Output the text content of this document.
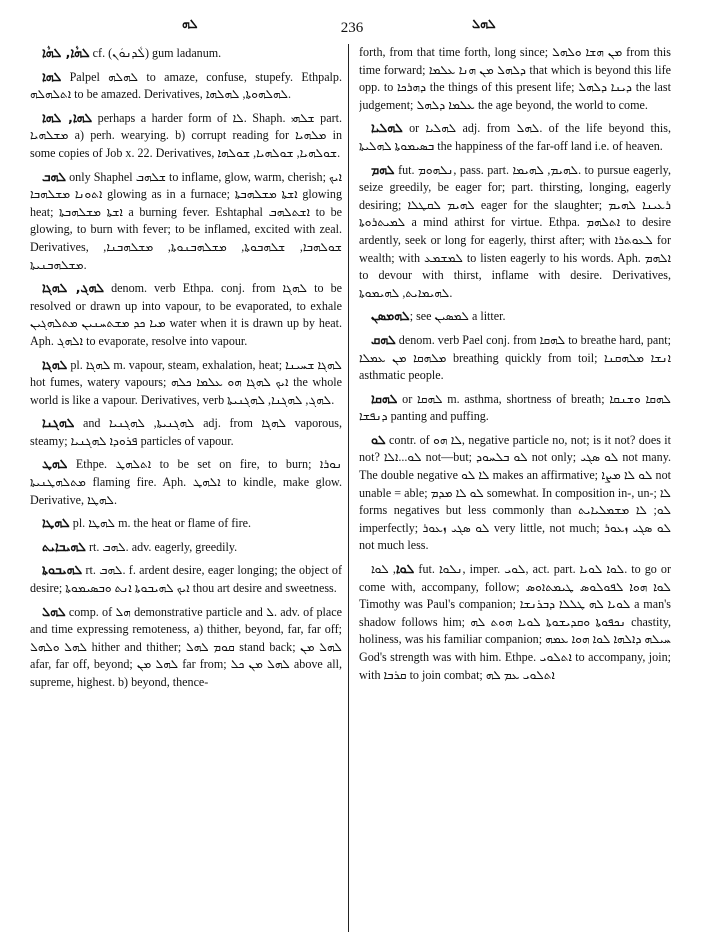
ܠܗ	236	ܠܗܠ

ܠܗܵܐ, ܠܗܵܐ cf. (ܠܵܕܢܘܿܢ) gum ladanum.

ܠܗܐ Palpel ܠܗܠܗ to amaze, confuse, stupefy. Ethpalp. ܐܬܠܗܠܗ to be amazed. Derivatives, ܠܗܠܗܘܬܐ, ܠܗܠܗܐ.

ܠܗܐ, ܠܗܐ perhaps a harder form of ܠܐ. Shaph. ܫܠܗܝ part. ܡܫܠܗܝܐ a) perh. wearying. b) corrupt reading for ܡܠܗܝܐ in some copies of Job x. 22. Derivatives, ܫܘܠܗܝܐ, ܫܘܠܗܝܐ, ܫܘܠܗܐ.

ܠܗܒ only Shaphel ܫܠܗܒ to inflame, glow, warm, cherish; ܐܝܟ ܐܬܘܢܐ ܡܫܠܗܒܐ glowing as in a furnace; ܐܫܬܐ ܡܫܠܗܒܬܐ glowing heat; ܐܫܬܐ ܡܫܠܗܒܬܐ a burning fever. Eshtaphal ܐܫܬܠܗܒ to be glowing, to burn with fever; to be inflamed, excited with zeal. Derivatives, ܫܘܠܗܒܐ, ܫܠܗܒܘܬܐ, ܡܫܠܗܒܢܘܬܐ, ܡܫܠܗܒܢܐ, ܡܫܠܗܒܢܝܬܐ.

ܠܗܓ, ܠܗܓܐ denom. verb Ethpa. conj. from ܠܗܓܐ to be resolved or drawn up into vapour, to be evaporated, to exhale ܡܝܐ ܟܕ ܡܫܬܚܢܝܢ ܡܬܠܗܓܝܢ water when it is drawn up by heat. Aph. ܐܠܗܓ to evaporate, resolve into vapour.

ܠܗܓܐ pl. ܠܗܓܐ m. vapour, steam, exhalation, heat; ܠܗܓܐ ܫܚܝܢܐ hot fumes, watery vapours; ܐܝܟ ܠܗܓܐ ܗܘ ܥܠܡܐ ܟܠܗ the whole world is like a vapour. Derivatives, verb ܠܗܓ, ܠܗܓܢܐ, ܠܗܓܢܝܬܐ.

ܠܗܓܢܐ and ܠܗܓܢܝܬܐ, ܠܗܓܢܝܐ adj. from ܠܗܓܐ vaporous, steamy; ܦܪܘܕܐ ܠܗܓܢܝܐ particles of vapour.

ܠܗܛ Ethpe. ܐܬܠܗܛ to be set on fire, to burn; ܢܘܪܐ ܡܬܠܗܛܢܝܬܐ flaming fire. Aph. ܐܠܗܛ to kindle, make glow. Derivative, ܠܗܛܐ.

ܠܗܛܐ pl. ܠܗܛܐ m. the heat or flame of fire.

ܠܗܝܒܐܝܬ rt. ܠܗܒ. adv. eagerly, greedily.

ܠܗܝܒܘܬܐ rt. ܠܗܒ. f. ardent desire, eager longing; the object of desire; ܐܝܟ ܠܗܝܒܘܬܐ ܐܢܬ ܘܒܣܝܡܘܬܐ thou art desire and sweetness.

ܠܗܠ comp. of ܗܠ demonstrative particle and ܠ. adv. of place and time expressing remoteness, a) thither, beyond, far, far off; ܠܗܠ ܘܠܗܠ hither and thither; ܩܘܡ ܠܗܠ stand back; ܠܗܠ ܡܢ afar, far off, beyond; ܠܗܠ ܡܢ far from; ܠܗܠ ܡܢ ܟܠ above all, supreme, highest. b) beyond, thence-

forth, from that time forth, long since; ܡܢ ܗܫܐ ܘܠܗܠ from this time forward; ܕܠܗܠ ܡܢ ܗܢܐ ܥܠܡܐ that which is beyond this life opp. to ܕܗܪܟܐ the things of this present life; ܕܝܢܐ ܕܠܗܠ the last judgement; ܥܠܡܐ ܕܠܗܠ the age beyond, the world to come.

ܠܗܠܝܐ or ܠܗܠܝܐ adj. from ܠܗܠ. of the life beyond this, ܒܣܝܡܘܬܐ ܠܗܠܝܬܐ the happiness of the far-off land i.e. of heaven.

ܠܗܡ fut. ܢܠܗܘܡ, pass. part. ܠܗܝܡ, ܠܗܝܡܐ. to pursue eagerly, seize greedily, be eager for; part. thirsting, longing, eagerly desiring; ܠܗܝܡ ܠܩܛܠܐ eager for the slaughter; ܪܥܝܢܐ ܠܗܝܡ ܠܡܝܬܪܘܬܐ a mind athirst for virtue. Ethpa. ܐܬܠܗܡ to desire ardently, seek or long for eagerly, thirst after; with ܠܥܘܬܪܐ for wealth; with ܠܡܫܡܥ to listen eagerly to his words. Aph. ܐܠܗܡ to devour with thirst, inflame with desire. Derivatives, ܠܗܝܡܐܝܬ, ܠܗܝܡܘܬܐ.

ܠܗܡܣܢ; see ܠܡܣܝܢ a litter.

ܠܗܩ denom. verb Pael conj. from ܠܗܩܐ to breathe hard, pant; ܡܠܗܩܐ ܡܢ ܥܡܠܐ breathing quickly from toil; ܐܢܫܐ ܡܠܗܩܢܐ asthmatic people.

ܠܗܩܐ or ܠܗܩܐ m. asthma, shortness of breath; ܠܗܩܐ ܘܫܢܩܐ ܕܢܦܫܐ panting and puffing.

ܠܘ contr. of ܠܐ ܗܘ, negative particle no, not; is it not? does it not? ܠܘ...ܐܠܐ not—but; ܠܘ ܒܠܚܘܕ not only; ܠܘ ܣܓܝ not many. The double negative ܠܐ ܠܘ makes an affirmative; ܠܘ ܠܐ ܡܨܐ not unable = able; ܠܘ ܠܐ ܡܕܡ somewhat. In composition in-, un-; ܠܐ forms negatives but less commonly than ܠܘ; ܠܐ ܡܫܡܠܝܐܝܬ imperfectly; ܠܘ ܣܓܝ ܙܥܘܪ very little, not much; ܠܘ ܣܓܝ ܙܥܘܪ not much less.

ܠܘܐ, ܠܘܐ fut. ܢܠܘܐ, imper. ܠܘܝ, act. part. ܠܘܐ ܠܘܝܐ. to go or come with, accompany, follow; ܠܘܐ ܗܘܐ ܠܦܘܠܘܣ ܛܝܡܬܐܘܣ Timothy was Paul's companion; ܠܘܝܐ ܠܗ ܛܠܠܐ ܕܒܪܢܫܐ a man's shadow follows him; ܢܟܦܘܬܐ ܘܩܕܝܫܘܬܐ ܠܘܝܐ ܗܘܬ ܠܗ chastity, holiness, was his familiar companion; ܚܝܠܗ ܕܐܠܗܐ ܠܘܐ ܗܘܐ ܥܡܗ God's strength was with him. Ethpe. ܐܬܠܘܝ to accompany, join; with ܩܪܒܐ to join combat; ܐܬܠܘܝ ܥܡ ܠܗ
